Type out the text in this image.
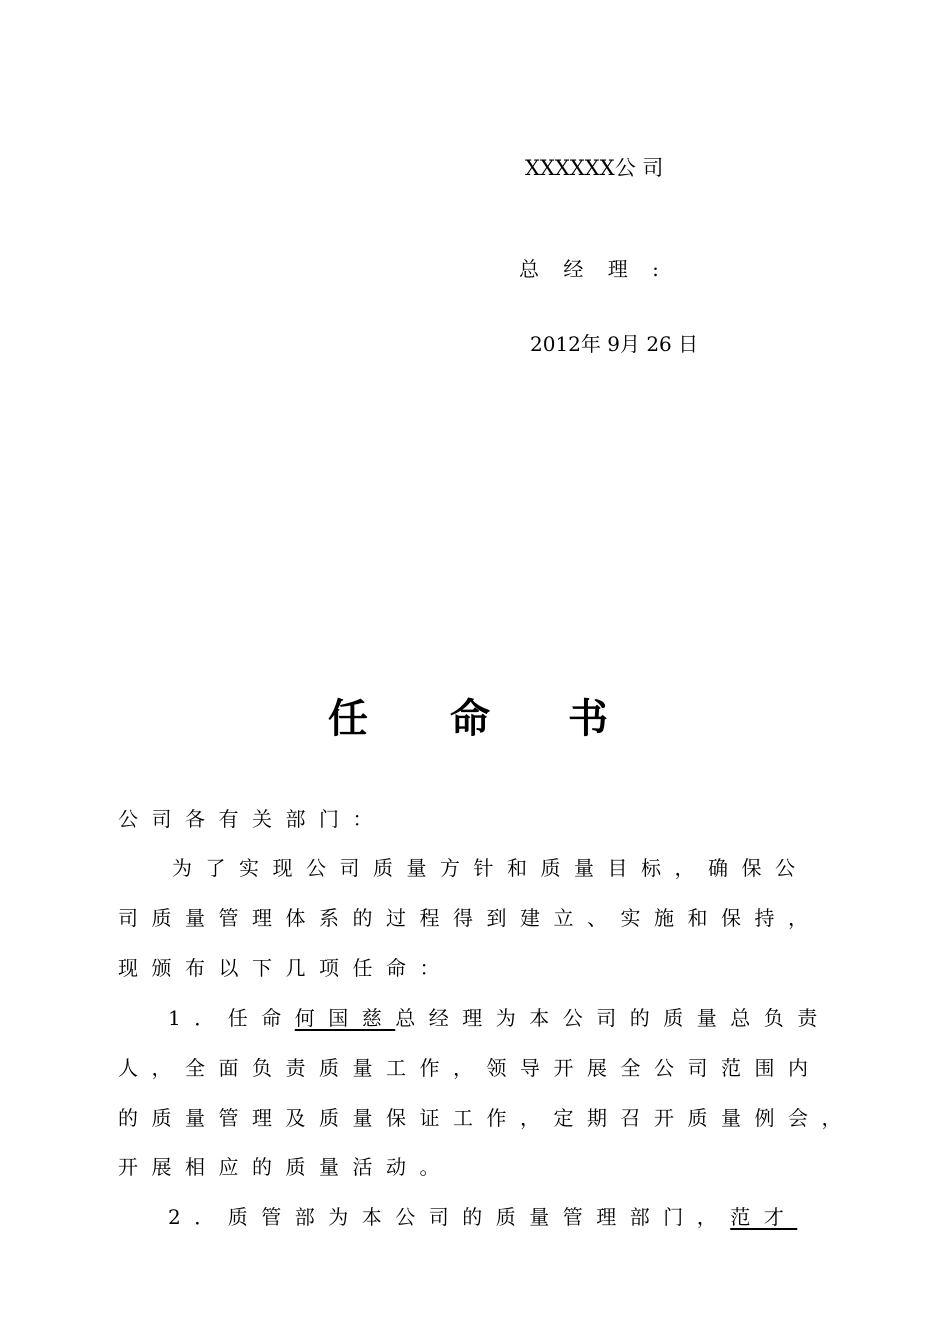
XXXXXX公 司
总 经 理 :
2012年 9月 26 日
任 命 书
公司各有关部门：
为了实现公司质量方针和质量目标，确保公
司质量管理体系的过程得到建立、实施和保持，
现颁布以下几项任命：
1．任命何国慈总经理为本公司的质量总负责
人，全面负责质量工作，领导开展全公司范围内
的质量管理及质量保证工作，定期召开质量例会，
开展相应的质量活动。
2．质管部为本公司的质量管理部门，范才
